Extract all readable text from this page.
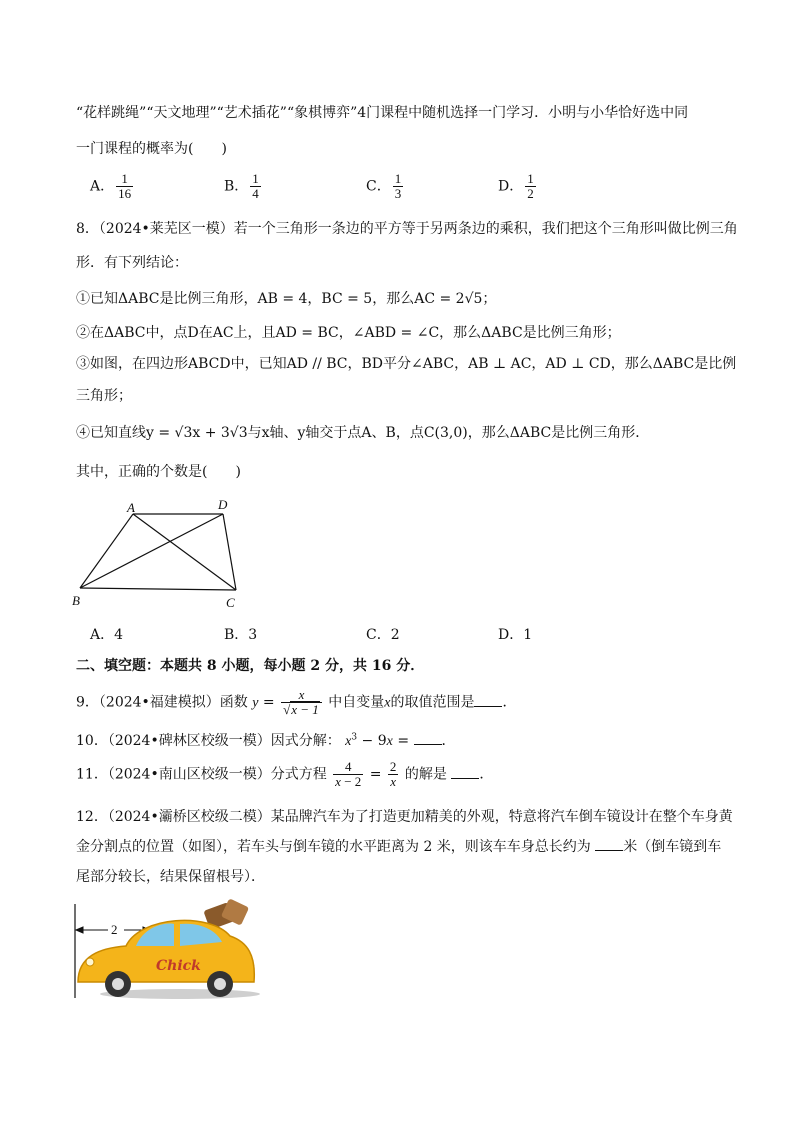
“花样跳绳”“天文地理”“艺术插花”“象棋博弈”4门课程中随机选择一门学习．小明与小华恰好选中同
一门课程的概率为(　　)
A． $\frac{1}{16}$	B． $\frac{1}{4}$	C． $\frac{1}{3}$	D． $\frac{1}{2}$
8．（2024•莱芜区一模）若一个三角形一条边的平方等于另两条边的乘积，我们把这个三角形叫做比例三角
形．有下列结论：
①已知ΔABC是比例三角形，AB = 4，BC = 5，那么AC = 2√5；
②在ΔABC中，点D在AC上，且AD = BC，∠ABD = ∠C，那么ΔABC是比例三角形；
③如图，在四边形ABCD中，已知AD // BC，BD平分∠ABC，AB ⊥ AC，AD ⊥ CD，那么ΔABC是比例
三角形；
④已知直线y = √3x + 3√3与x轴、y轴交于点A、B，点C(3,0)，那么ΔABC是比例三角形．
其中，正确的个数是(　　)
A	D
B	C
A．4	B．3	C．2	D．1
二、填空题：本题共 8 小题，每小题 2 分，共 16 分．
9．（2024•福建模拟）函数 $y = \frac{x}{√x - 1}$ 中自变量x的取值范围是 ．
10．（2024•碑林区校级一模）因式分解： $x^3 - 9x$ = ．
11．（2024•南山区校级一模）分式方程 $\frac{4}{x - 2} = \frac{2}{x}$ 的解是 ．
12．（2024•灞桥区校级二模）某品牌汽车为了打造更加精美的外观，特意将汽车倒车镜设计在整个车身黄
金分割点的位置（如图），若车头与倒车镜的水平距离为 2 米，则该车车身总长约为 米（倒车镜到车
尾部分较长，结果保留根号）．
2
Chick
